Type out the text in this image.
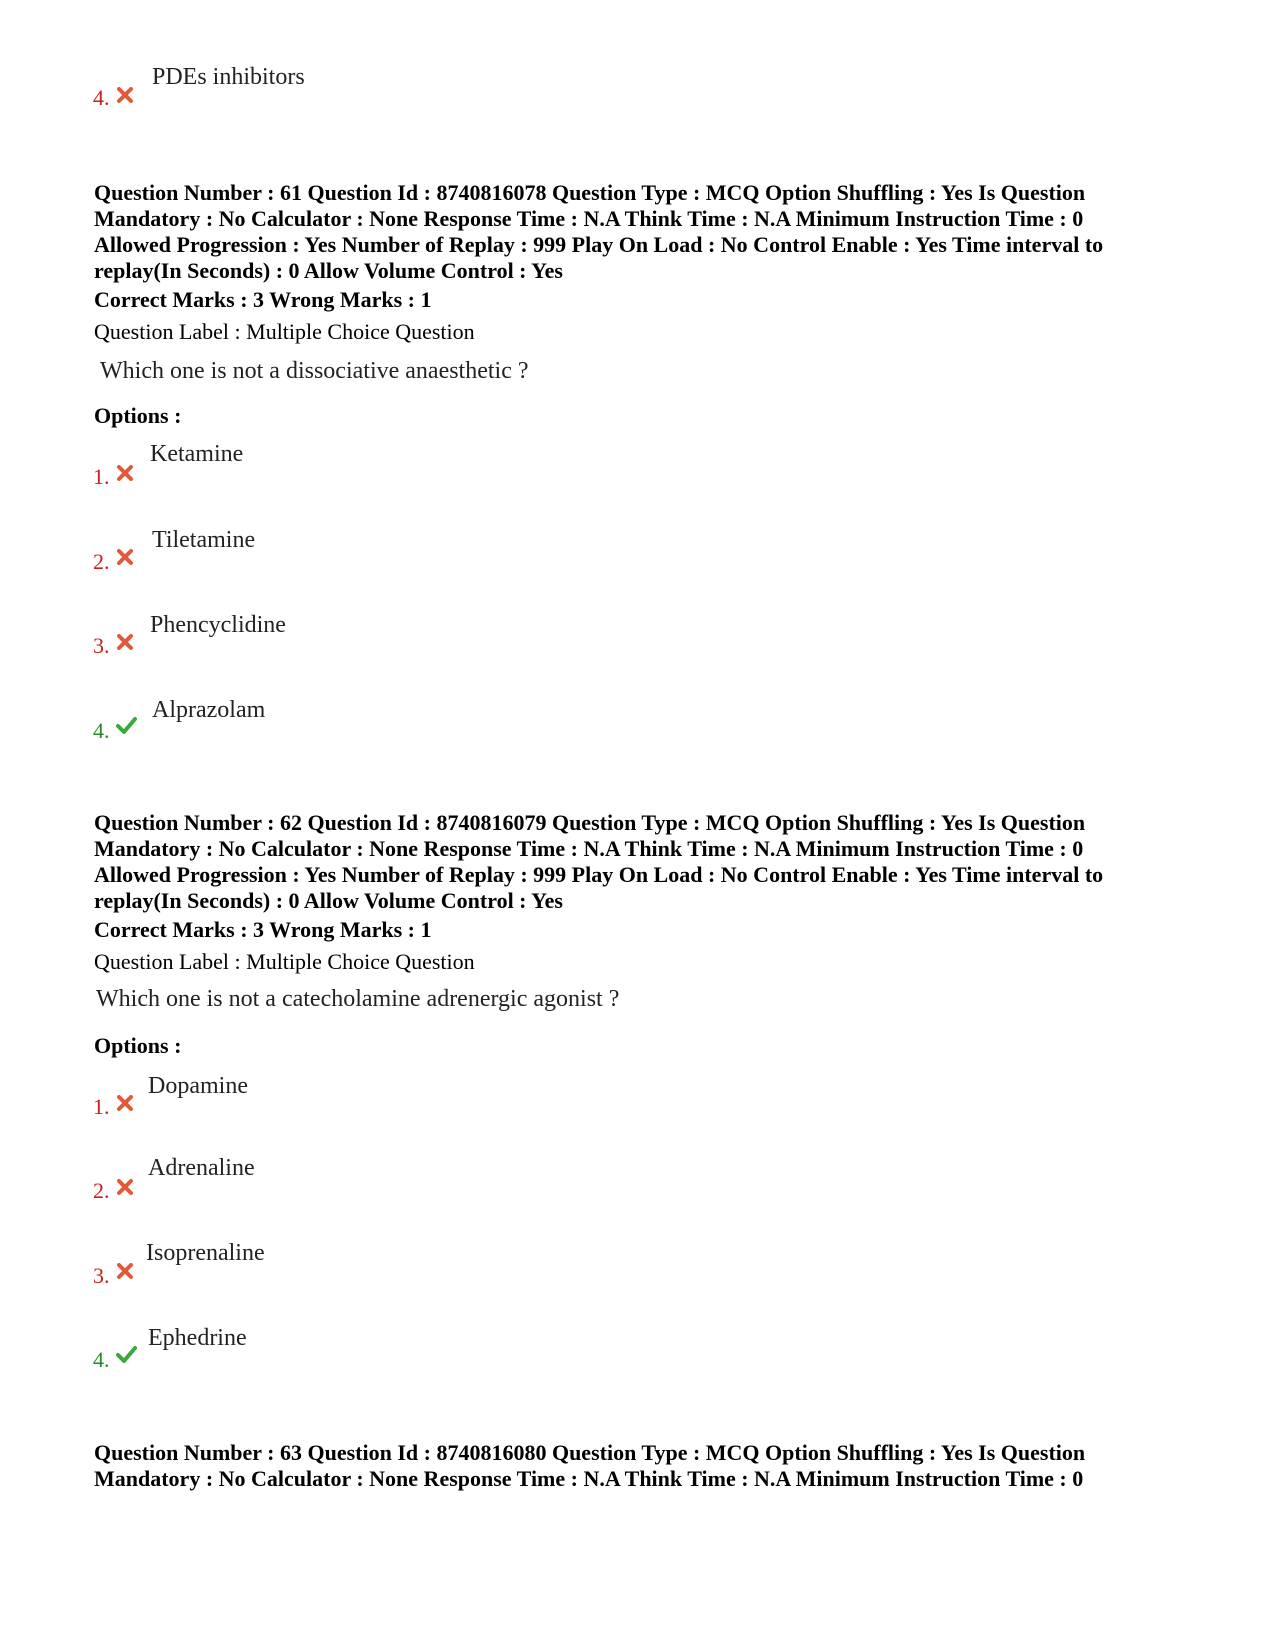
4.
PDEs inhibitors
Question Number : 61 Question Id : 8740816078 Question Type : MCQ Option Shuffling : Yes Is Question
Mandatory : No Calculator : None Response Time : N.A Think Time : N.A Minimum Instruction Time : 0
Allowed Progression : Yes Number of Replay : 999 Play On Load : No Control Enable : Yes Time interval to
replay(In Seconds) : 0 Allow Volume Control : Yes
Correct Marks : 3 Wrong Marks : 1
Question Label : Multiple Choice Question
Which one is not a dissociative anaesthetic ?
Options :
1.
Ketamine
2.
Tiletamine
3.
Phencyclidine
4.
Alprazolam
Question Number : 62 Question Id : 8740816079 Question Type : MCQ Option Shuffling : Yes Is Question
Mandatory : No Calculator : None Response Time : N.A Think Time : N.A Minimum Instruction Time : 0
Allowed Progression : Yes Number of Replay : 999 Play On Load : No Control Enable : Yes Time interval to
replay(In Seconds) : 0 Allow Volume Control : Yes
Correct Marks : 3 Wrong Marks : 1
Question Label : Multiple Choice Question
Which one is not a catecholamine adrenergic agonist ?
Options :
1.
Dopamine
2.
Adrenaline
3.
Isoprenaline
4.
Ephedrine
Question Number : 63 Question Id : 8740816080 Question Type : MCQ Option Shuffling : Yes Is Question
Mandatory : No Calculator : None Response Time : N.A Think Time : N.A Minimum Instruction Time : 0
